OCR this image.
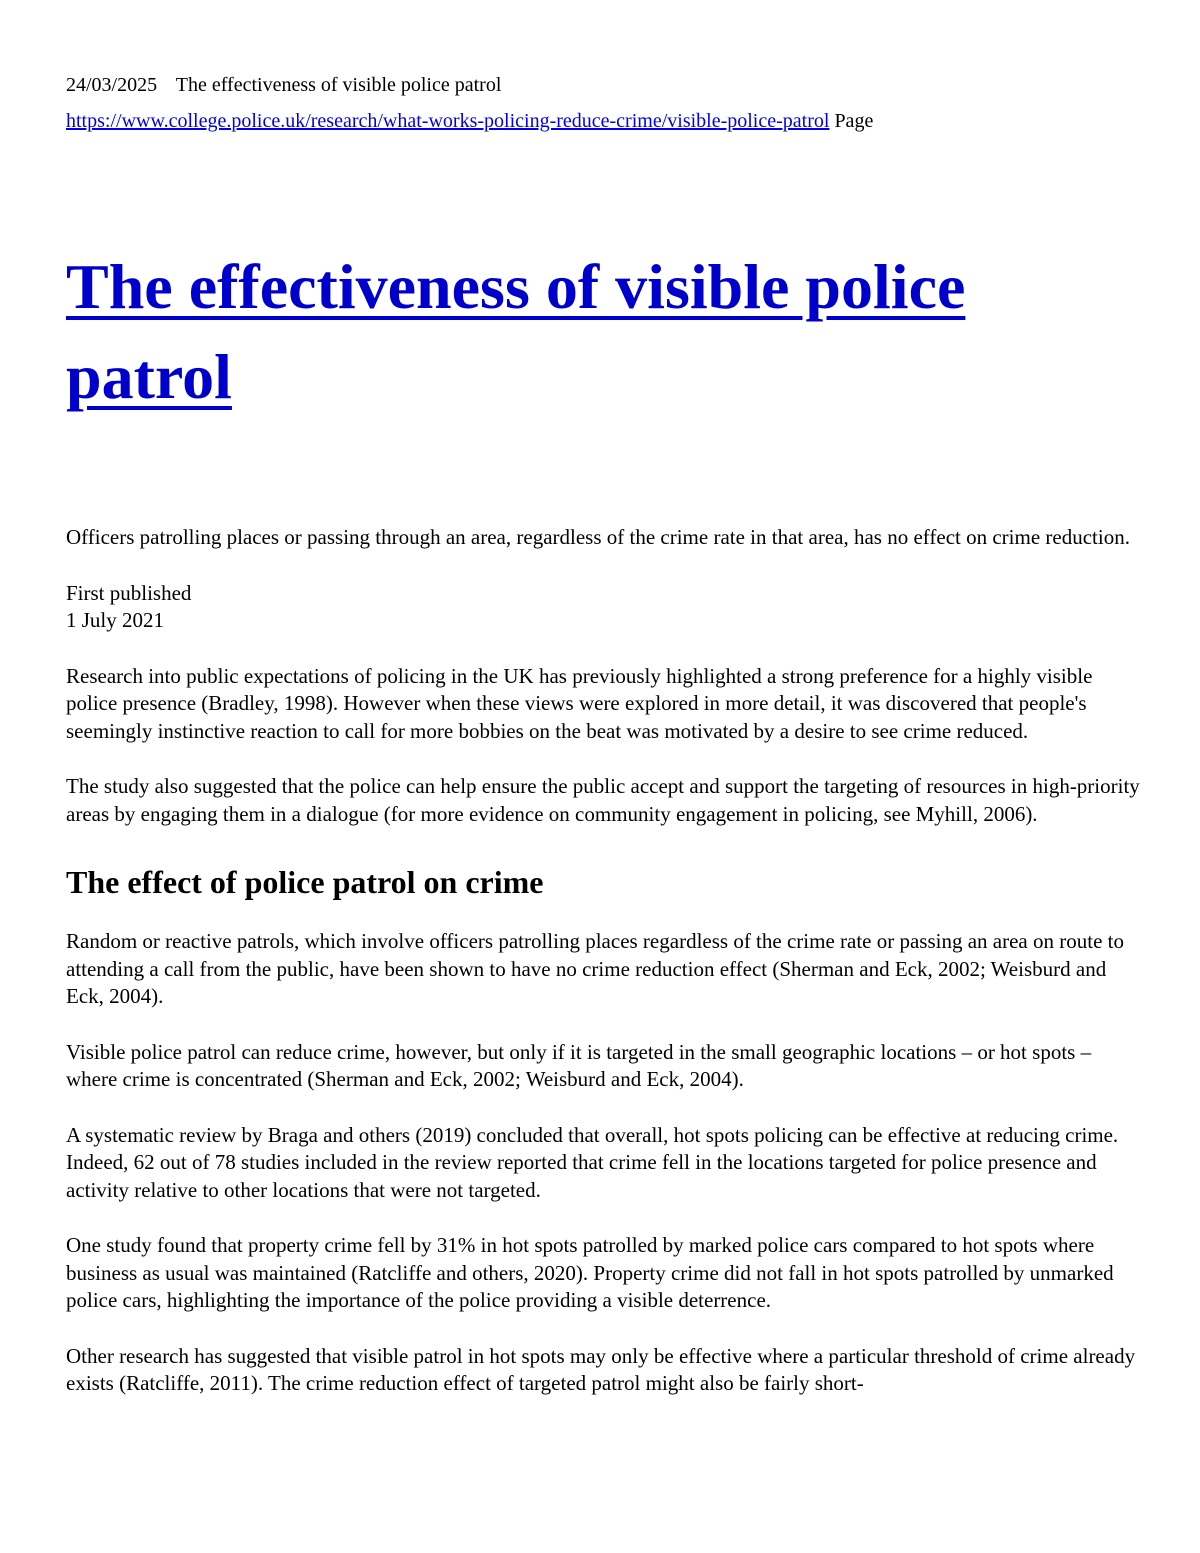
24/03/2025 The effectiveness of visible police patrol
https://www.college.police.uk/research/what-works-policing-reduce-crime/visible-police-patrol Page
The effectiveness of visible police patrol

Officers patrolling places or passing through an area, regardless of the crime rate in that area, has no effect on crime reduction.

First published
1 July 2021

Research into public expectations of policing in the UK has previously highlighted a strong preference for a highly visible police presence (Bradley, 1998). However when these views were explored in more detail, it was discovered that people's seemingly instinctive reaction to call for more bobbies on the beat was motivated by a desire to see crime reduced.

The study also suggested that the police can help ensure the public accept and support the targeting of resources in high-priority areas by engaging them in a dialogue (for more evidence on community engagement in policing, see Myhill, 2006).

The effect of police patrol on crime

Random or reactive patrols, which involve officers patrolling places regardless of the crime rate or passing an area on route to attending a call from the public, have been shown to have no crime reduction effect (Sherman and Eck, 2002; Weisburd and Eck, 2004).

Visible police patrol can reduce crime, however, but only if it is targeted in the small geographic locations – or hot spots – where crime is concentrated (Sherman and Eck, 2002; Weisburd and Eck, 2004).

A systematic review by Braga and others (2019) concluded that overall, hot spots policing can be effective at reducing crime. Indeed, 62 out of 78 studies included in the review reported that crime fell in the locations targeted for police presence and activity relative to other locations that were not targeted.

One study found that property crime fell by 31% in hot spots patrolled by marked police cars compared to hot spots where business as usual was maintained (Ratcliffe and others, 2020). Property crime did not fall in hot spots patrolled by unmarked police cars, highlighting the importance of the police providing a visible deterrence.

Other research has suggested that visible patrol in hot spots may only be effective where a particular threshold of crime already exists (Ratcliffe, 2011). The crime reduction effect of targeted patrol might also be fairly short-
